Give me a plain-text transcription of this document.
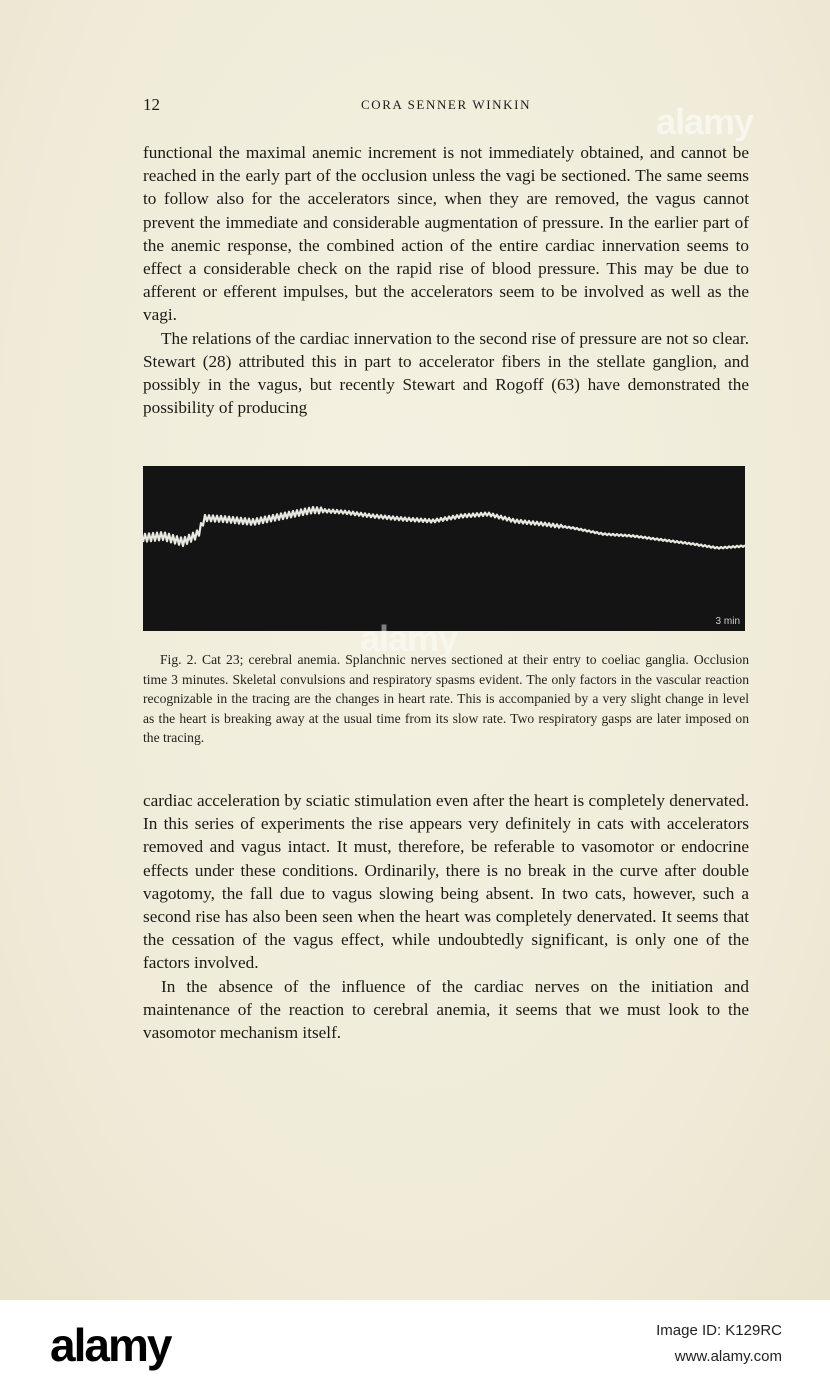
12	CORA SENNER WINKIN

functional the maximal anemic increment is not immediately obtained, and cannot be reached in the early part of the occlusion unless the vagi be sectioned. The same seems to follow also for the accelerators since, when they are removed, the vagus cannot prevent the immediate and considerable augmentation of pressure. In the earlier part of the anemic response, the combined action of the entire cardiac innervation seems to effect a considerable check on the rapid rise of blood pressure. This may be due to afferent or efferent impulses, but the accelerators seem to be involved as well as the vagi.

The relations of the cardiac innervation to the second rise of pressure are not so clear. Stewart (28) attributed this in part to accelerator fibers in the stellate ganglion, and possibly in the vagus, but recently Stewart and Rogoff (63) have demonstrated the possibility of producing

3 min
alamy

Fig. 2. Cat 23; cerebral anemia. Splanchnic nerves sectioned at their entry to coeliac ganglia. Occlusion time 3 minutes. Skeletal convulsions and respiratory spasms evident. The only factors in the vascular reaction recognizable in the tracing are the changes in heart rate. This is accompanied by a very slight change in level as the heart is breaking away at the usual time from its slow rate. Two respiratory gasps are later imposed on the tracing.

cardiac acceleration by sciatic stimulation even after the heart is completely denervated. In this series of experiments the rise appears very definitely in cats with accelerators removed and vagus intact. It must, therefore, be referable to vasomotor or endocrine effects under these conditions. Ordinarily, there is no break in the curve after double vagotomy, the fall due to vagus slowing being absent. In two cats, however, such a second rise has also been seen when the heart was completely denervated. It seems that the cessation of the vagus effect, while undoubtedly significant, is only one of the factors involved.

In the absence of the influence of the cardiac nerves on the initiation and maintenance of the reaction to cerebral anemia, it seems that we must look to the vasomotor mechanism itself.

alamy
alamy	Image ID: K129RC
www.alamy.com
